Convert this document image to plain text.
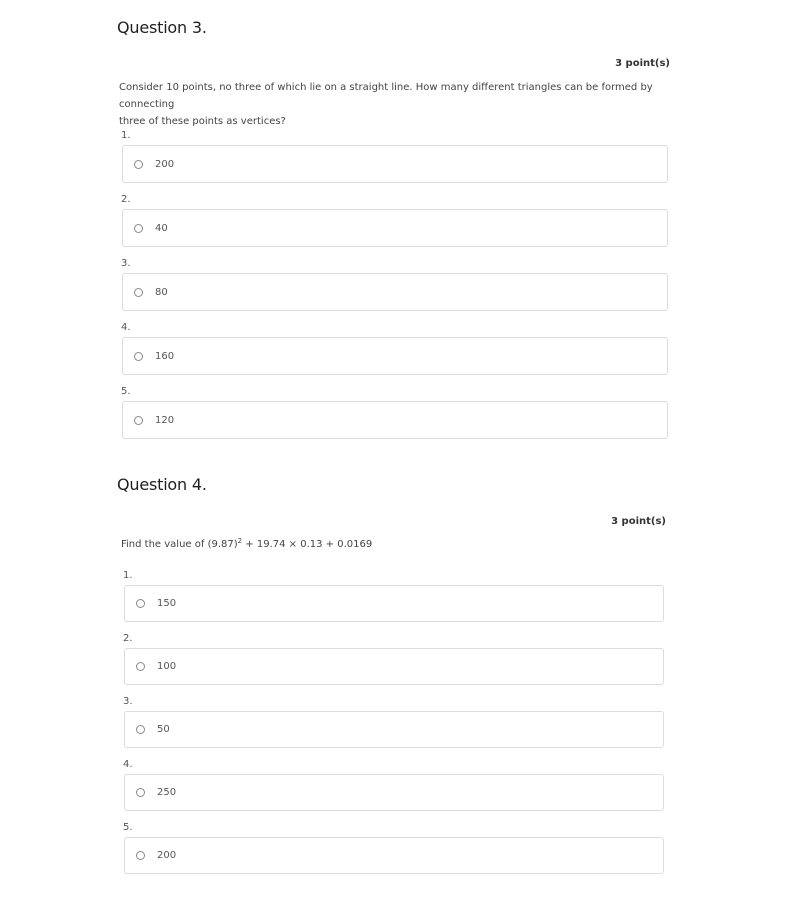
Question 3.
3 point(s)
Consider 10 points, no three of which lie on a straight line. How many different triangles can be formed by connecting
three of these points as vertices?
1.
200
2.
40
3.
80
4.
160
5.
120
Question 4.
3 point(s)
Find the value of $(9.87)^2 + 19.74 \times 0.13 + 0.0169$
1.
150
2.
100
3.
50
4.
250
5.
200
